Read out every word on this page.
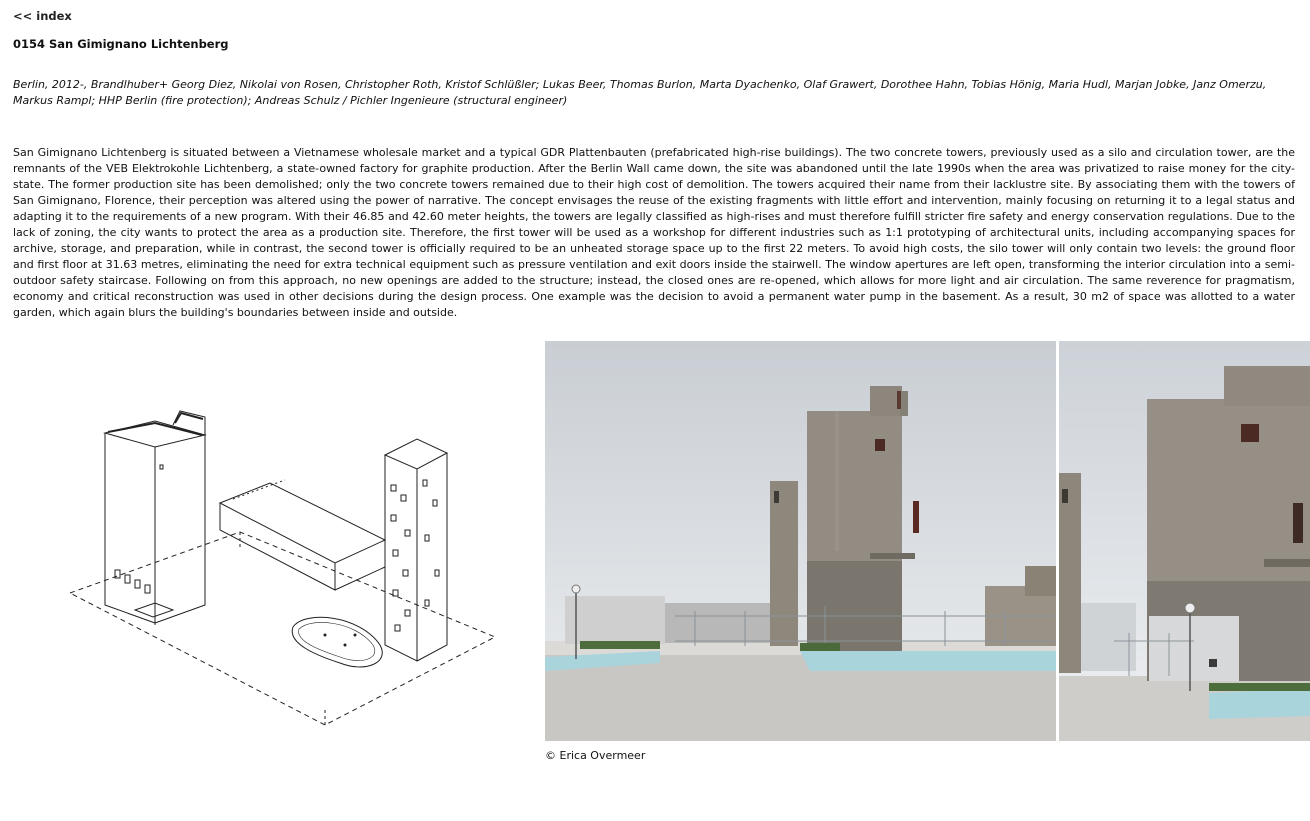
<< index
0154 San Gimignano Lichtenberg

Berlin, 2012-, Brandlhuber+ Georg Diez, Nikolai von Rosen, Christopher Roth, Kristof Schlüßler; Lukas Beer, Thomas Burlon, Marta Dyachenko, Olaf Grawert, Dorothee Hahn, Tobias Hönig, Maria Hudl, Marjan Jobke, Janz Omerzu, Markus Rampl; HHP Berlin (fire protection); Andreas Schulz / Pichler Ingenieure (structural engineer)

San Gimignano Lichtenberg is situated between a Vietnamese wholesale market and a typical GDR Plattenbauten (prefabricated high-rise buildings). The two concrete towers, previously used as a silo and circulation tower, are the remnants of the VEB Elektrokohle Lichtenberg, a state-owned factory for graphite production. After the Berlin Wall came down, the site was abandoned until the late 1990s when the area was privatized to raise money for the city-state. The former production site has been demolished; only the two concrete towers remained due to their high cost of demolition. The towers acquired their name from their lacklustre site. By associating them with the towers of San Gimignano, Florence, their perception was altered using the power of narrative. The concept envisages the reuse of the existing fragments with little effort and intervention, mainly focusing on returning it to a legal status and adapting it to the requirements of a new program. With their 46.85 and 42.60 meter heights, the towers are legally classified as high-rises and must therefore fulfill stricter fire safety and energy conservation regulations. Due to the lack of zoning, the city wants to protect the area as a production site. Therefore, the first tower will be used as a workshop for different industries such as 1:1 prototyping of architectural units, including accompanying spaces for archive, storage, and preparation, while in contrast, the second tower is officially required to be an unheated storage space up to the first 22 meters. To avoid high costs, the silo tower will only contain two levels: the ground floor and first floor at 31.63 metres, eliminating the need for extra technical equipment such as pressure ventilation and exit doors inside the stairwell. The window apertures are left open, transforming the interior circulation into a semi-outdoor safety staircase. Following on from this approach, no new openings are added to the structure; instead, the closed ones are re-opened, which allows for more light and air circulation. The same reverence for pragmatism, economy and critical reconstruction was used in other decisions during the design process. One example was the decision to avoid a permanent water pump in the basement. As a result, 30 m2 of space was allotted to a water garden, which again blurs the building's boundaries between inside and outside.

© Erica Overmeer
